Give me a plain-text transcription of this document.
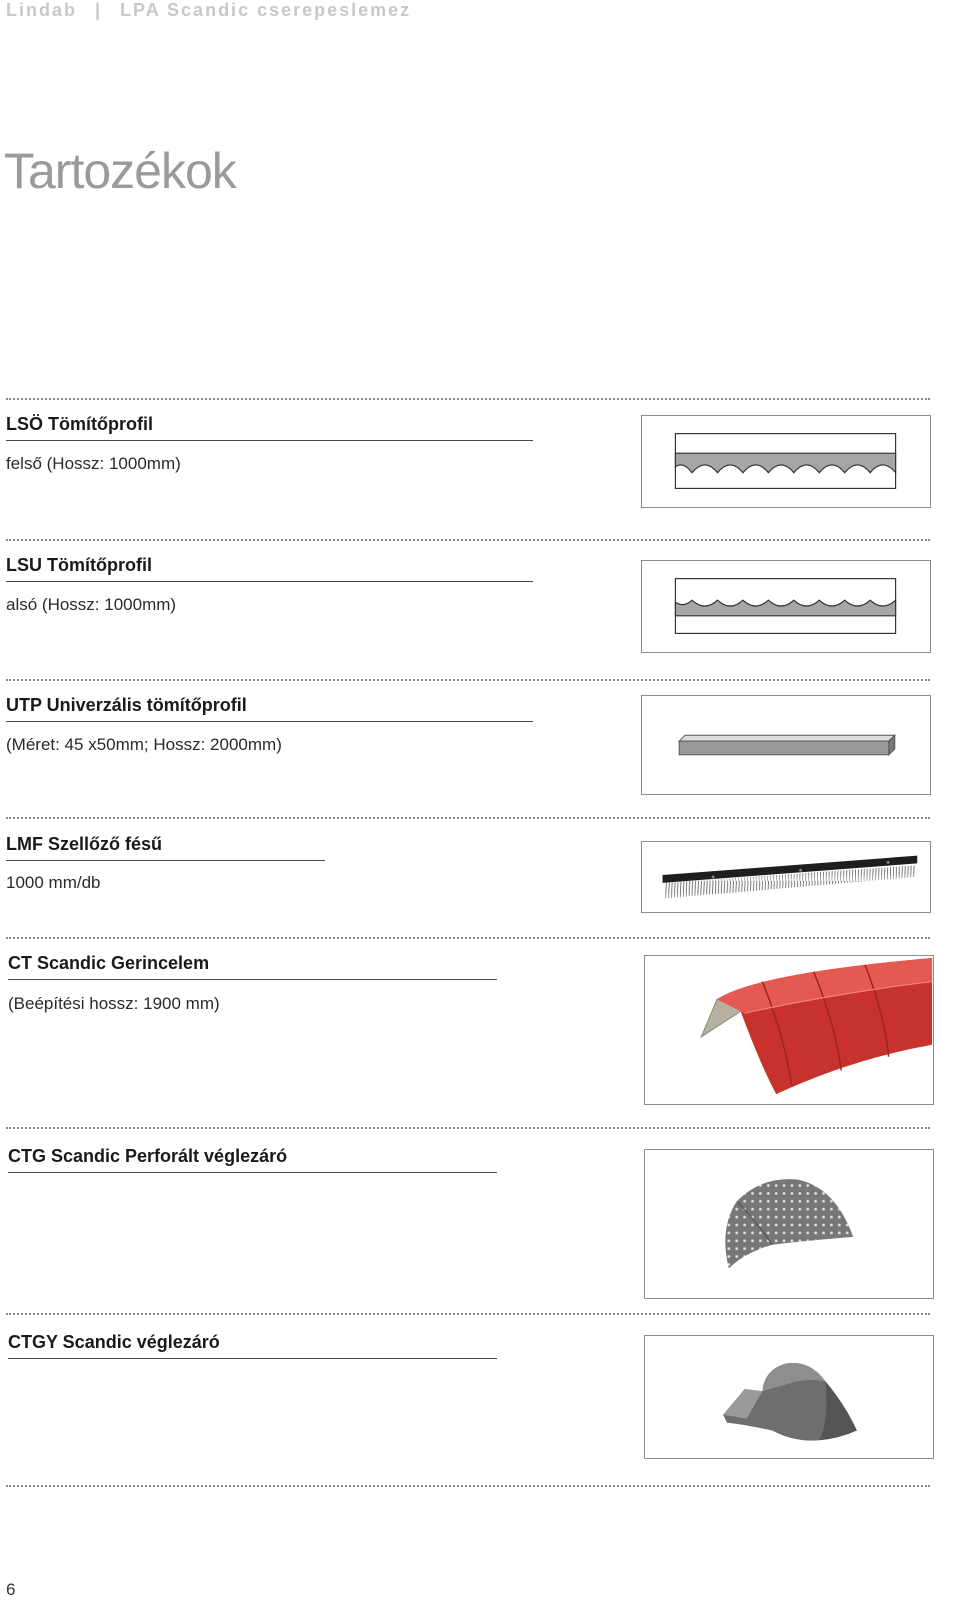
Lindab | LPA Scandic cserepeslemez
Tartozékok
LSÖ Tömítőprofil
felső (Hossz: 1000mm)
LSU Tömítőprofil
alsó (Hossz: 1000mm)
UTP Univerzális tömítőprofil
(Méret: 45 x50mm; Hossz: 2000mm)
LMF Szellőző fésű
1000 mm/db
CT Scandic Gerincelem
(Beépítési hossz: 1900 mm)
CTG Scandic Perforált véglezáró
CTGY Scandic véglezáró
6
